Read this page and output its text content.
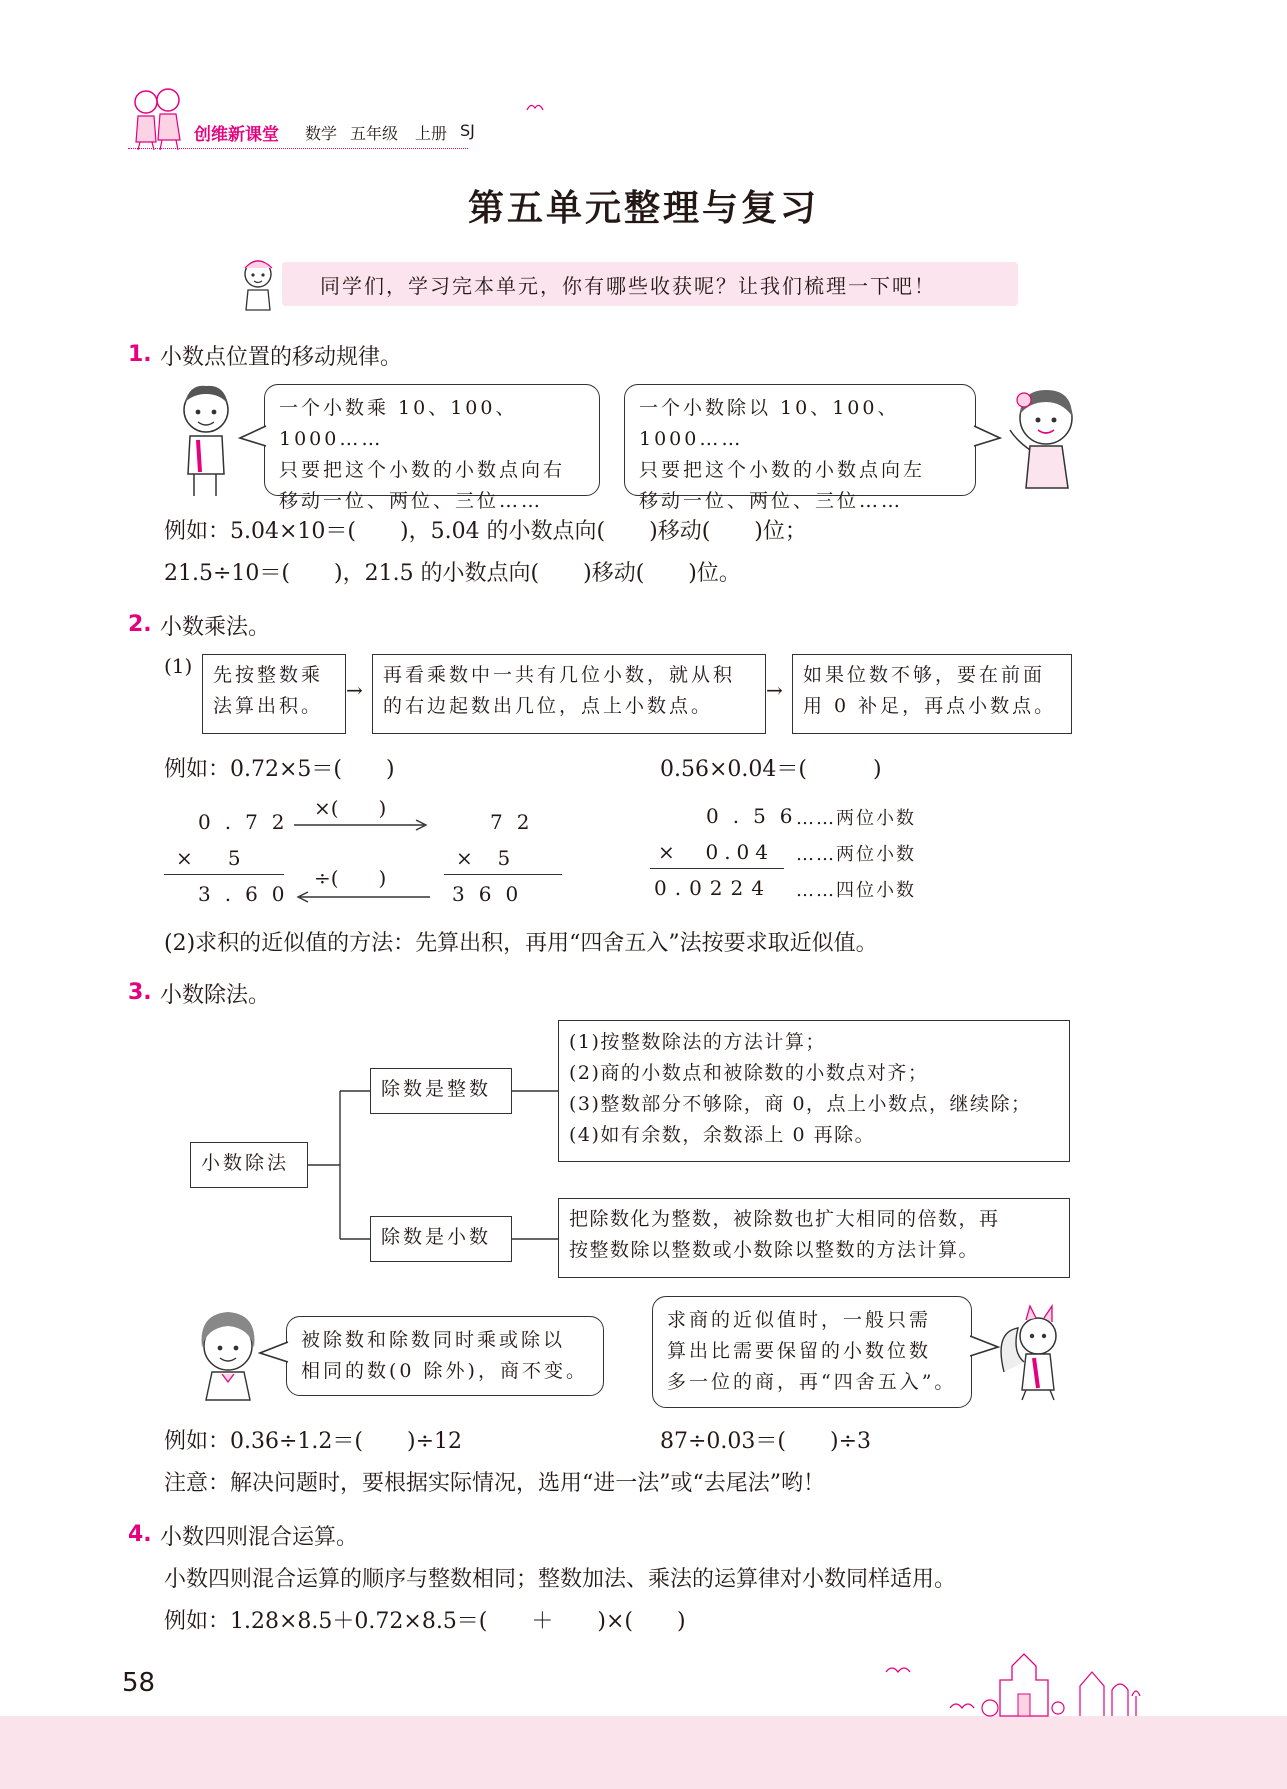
创维新课堂 数学 五年级 上册 SJ
第五单元整理与复习
同学们，学习完本单元，你有哪些收获呢？让我们梳理一下吧！
1. 小数点位置的移动规律。
一个小数乘 10、100、1000……
只要把这个小数的小数点向右
移动一位、两位、三位……
一个小数除以 10、100、1000……
只要把这个小数的小数点向左
移动一位、两位、三位……
例如：5.04×10＝(　　)，5.04 的小数点向(　　)移动(　　)位；
21.5÷10＝(　　)，21.5 的小数点向(　　)移动(　　)位。
2. 小数乘法。
(1)	先按整数乘
法算出积。
→
再看乘数中一共有几位小数，就从积
的右边起数出几位，点上小数点。
→
如果位数不够，要在前面
用 0 补足，再点小数点。
例如：0.72×5＝(　　)	0.56×0.04＝(　　　)
0.72
×   5
3.60
×(　　)
÷(　　)
72
×  5
360
0.56
×  0.04
0.0224
……两位小数
……两位小数
……四位小数
(2)求积的近似值的方法：先算出积，再用“四舍五入”法按要求取近似值。
3. 小数除法。
小数除法
除数是整数
除数是小数
(1)按整数除法的方法计算；
(2)商的小数点和被除数的小数点对齐；
(3)整数部分不够除，商 0，点上小数点，继续除；
(4)如有余数，余数添上 0 再除。
把除数化为整数，被除数也扩大相同的倍数，再
按整数除以整数或小数除以整数的方法计算。
被除数和除数同时乘或除以
相同的数(0 除外)，商不变。
求商的近似值时，一般只需
算出比需要保留的小数位数
多一位的商，再“四舍五入”。
例如：0.36÷1.2＝(　　)÷12	87÷0.03＝(　　)÷3
注意：解决问题时，要根据实际情况，选用“进一法”或“去尾法”哟！
4. 小数四则混合运算。
小数四则混合运算的顺序与整数相同；整数加法、乘法的运算律对小数同样适用。
例如：1.28×8.5＋0.72×8.5＝(　　＋　　)×(　　)
58
